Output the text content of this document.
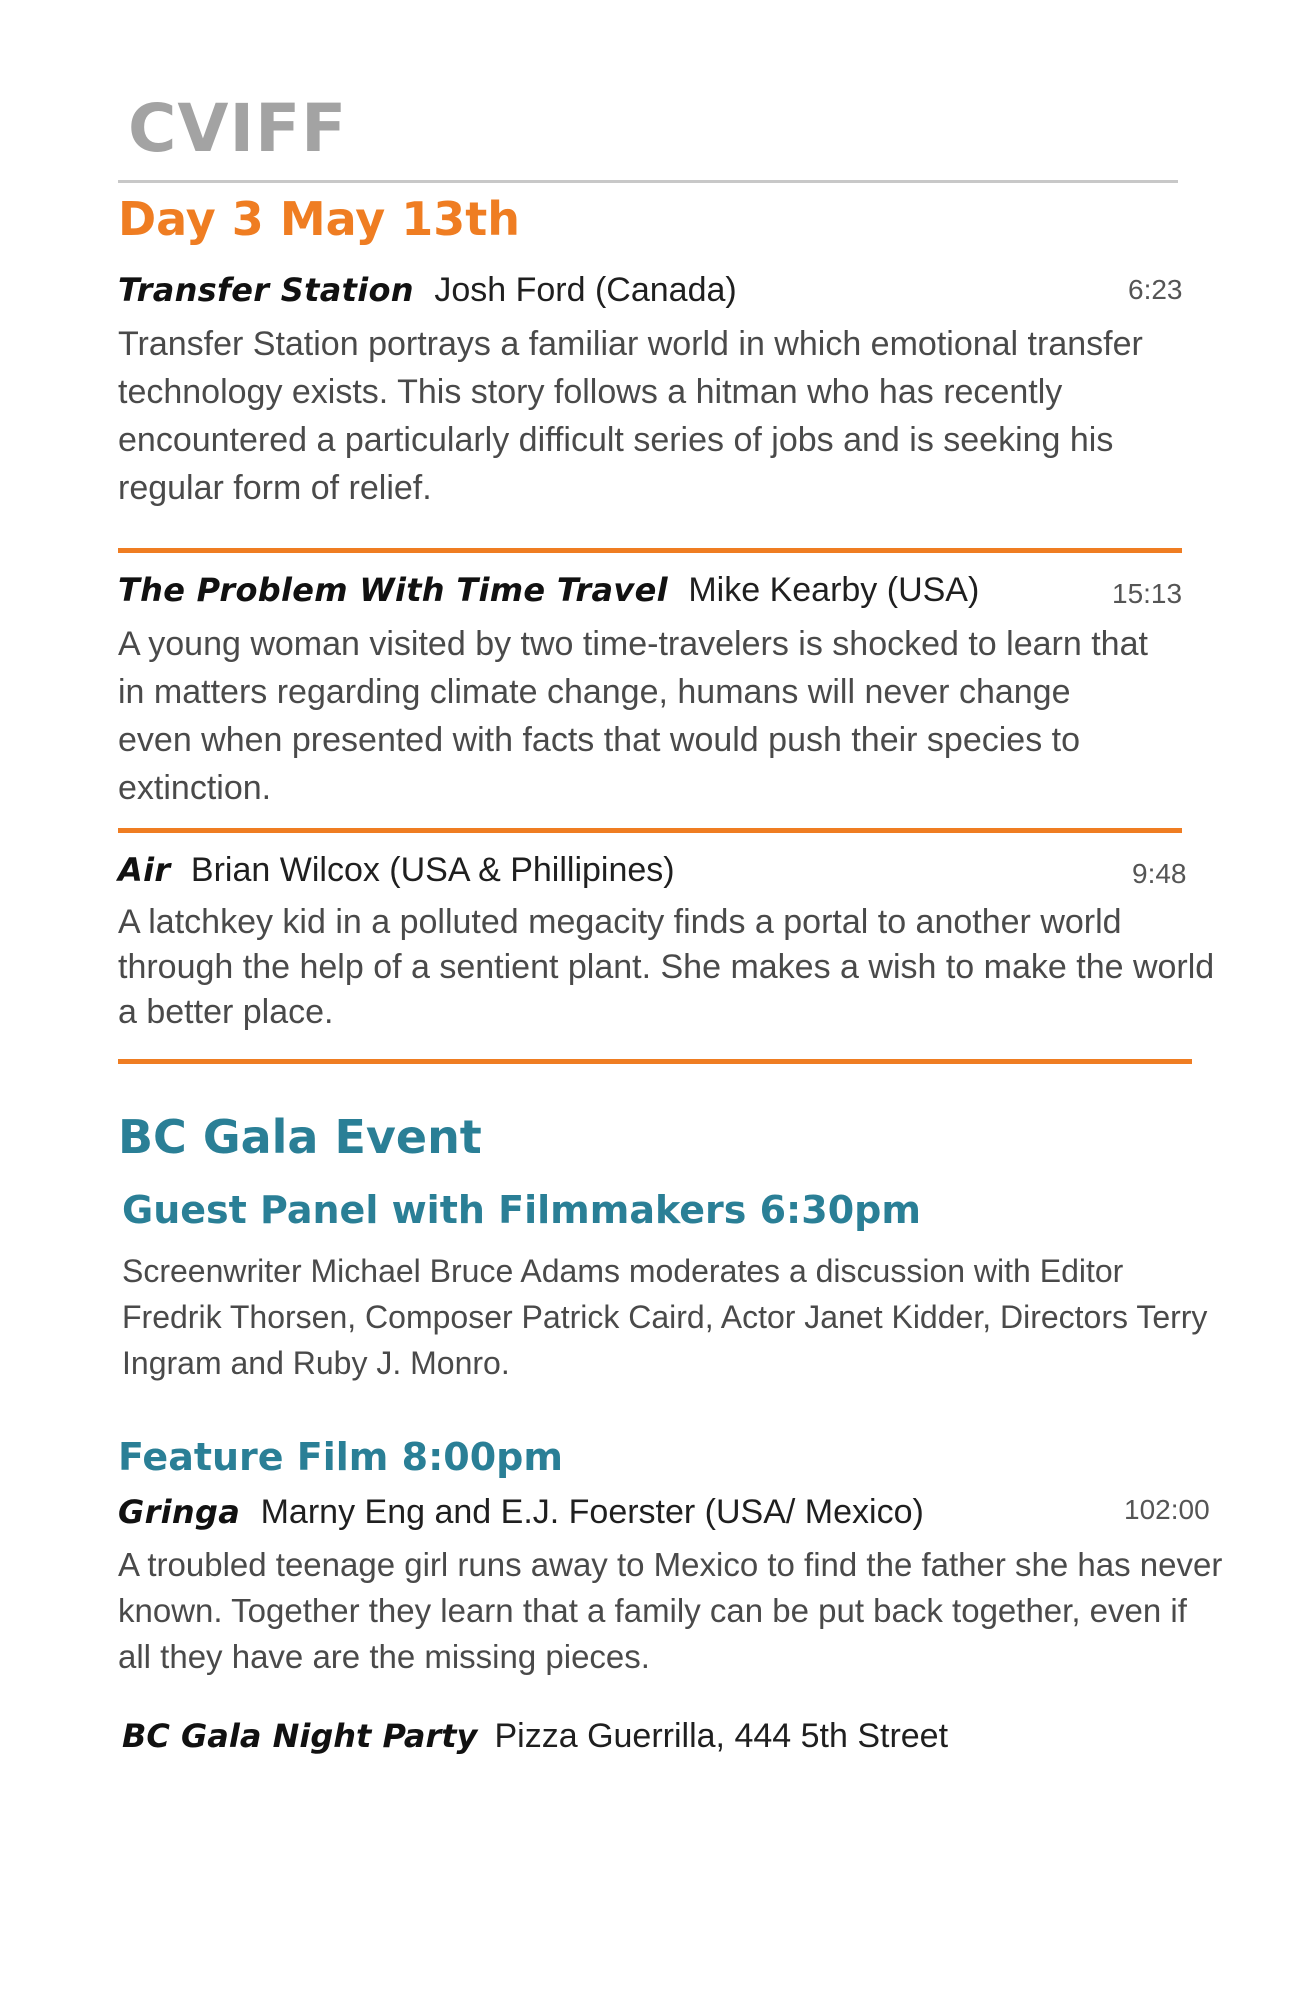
CVIFF
Day 3 May 13th
Transfer Station Josh Ford (Canada)	6:23

Transfer Station portrays a familiar world in which emotional transfer technology exists. This story follows a hitman who has recently encountered a particularly difficult series of jobs and is seeking his regular form of relief.

The Problem With Time Travel Mike Kearby (USA)	15:13

A young woman visited by two time-travelers is shocked to learn that in matters regarding climate change, humans will never change even when presented with facts that would push their species to extinction.

Air Brian Wilcox (USA & Phillipines)	9:48

A latchkey kid in a polluted megacity finds a portal to another world through the help of a sentient plant. She makes a wish to make the world a better place.

BC Gala Event
Guest Panel with Filmmakers 6:30pm

Screenwriter Michael Bruce Adams moderates a discussion with Editor Fredrik Thorsen, Composer Patrick Caird, Actor Janet Kidder, Directors Terry Ingram and Ruby J. Monro.

Feature Film 8:00pm
Gringa Marny Eng and E.J. Foerster (USA/ Mexico)	102:00

A troubled teenage girl runs away to Mexico to find the father she has never known. Together they learn that a family can be put back together, even if all they have are the missing pieces.

BC Gala Night Party Pizza Guerrilla, 444 5th Street
